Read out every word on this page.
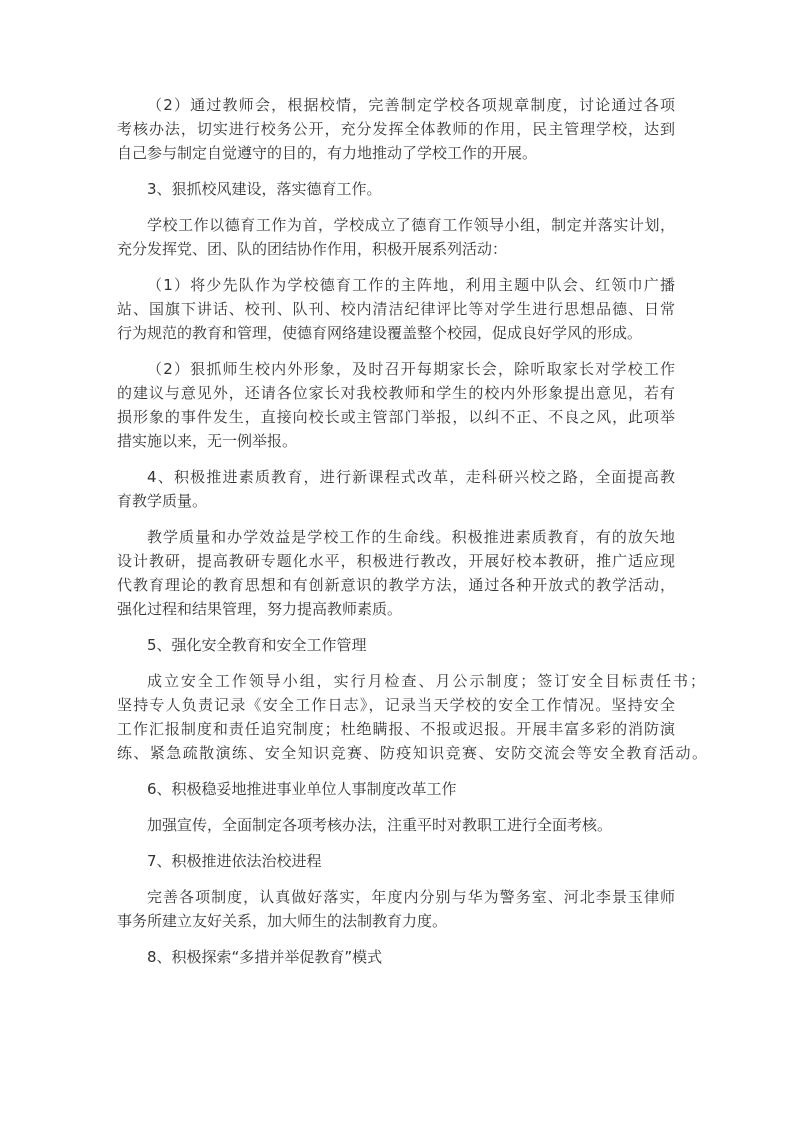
（2）通过教师会，根据校情，完善制定学校各项规章制度，讨论通过各项
考核办法，切实进行校务公开，充分发挥全体教师的作用，民主管理学校，达到
自己参与制定自觉遵守的目的，有力地推动了学校工作的开展。
3、狠抓校风建设，落实德育工作。
学校工作以德育工作为首，学校成立了德育工作领导小组，制定并落实计划，
充分发挥党、团、队的团结协作作用，积极开展系列活动：
（1）将少先队作为学校德育工作的主阵地，利用主题中队会、红领巾广播
站、国旗下讲话、校刊、队刊、校内清洁纪律评比等对学生进行思想品德、日常
行为规范的教育和管理，使德育网络建设覆盖整个校园，促成良好学风的形成。
（2）狠抓师生校内外形象，及时召开每期家长会，除听取家长对学校工作
的建议与意见外，还请各位家长对我校教师和学生的校内外形象提出意见，若有
损形象的事件发生，直接向校长或主管部门举报，以纠不正、不良之风，此项举
措实施以来，无一例举报。
4、积极推进素质教育，进行新课程式改革，走科研兴校之路，全面提高教
育教学质量。
教学质量和办学效益是学校工作的生命线。积极推进素质教育，有的放矢地
设计教研，提高教研专题化水平，积极进行教改，开展好校本教研，推广适应现
代教育理论的教育思想和有创新意识的教学方法，通过各种开放式的教学活动，
强化过程和结果管理，努力提高教师素质。
5、强化安全教育和安全工作管理
成立安全工作领导小组，实行月检查、月公示制度；签订安全目标责任书；
坚持专人负责记录《安全工作日志》，记录当天学校的安全工作情况。坚持安全
工作汇报制度和责任追究制度；杜绝瞒报、不报或迟报。开展丰富多彩的消防演
练、紧急疏散演练、安全知识竞赛、防疫知识竞赛、安防交流会等安全教育活动。
6、积极稳妥地推进事业单位人事制度改革工作
加强宣传，全面制定各项考核办法，注重平时对教职工进行全面考核。
7、积极推进依法治校进程
完善各项制度，认真做好落实，年度内分别与华为警务室、河北李景玉律师
事务所建立友好关系，加大师生的法制教育力度。
8、积极探索“多措并举促教育”模式
